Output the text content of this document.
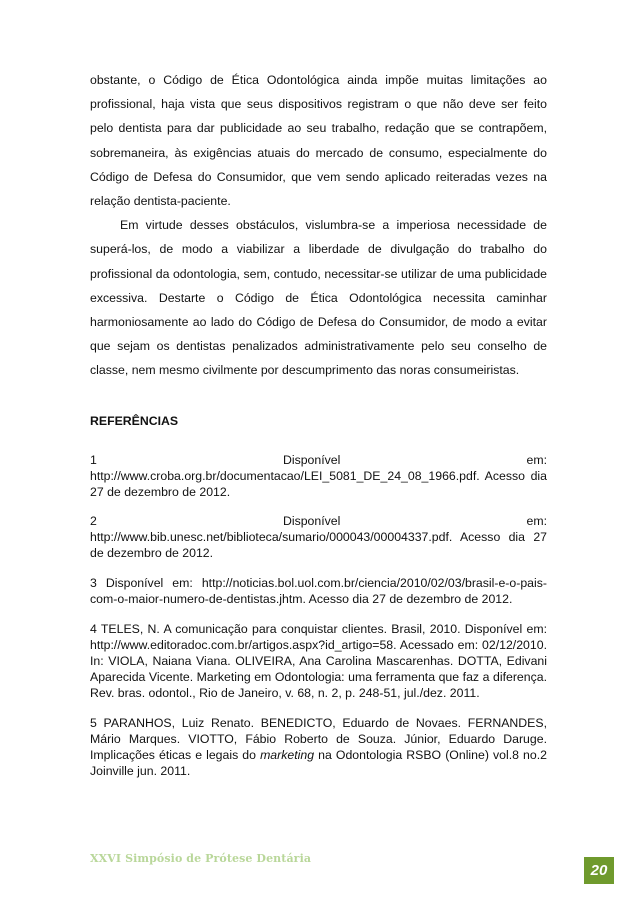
obstante, o Código de Ética Odontológica ainda impõe muitas limitações ao profissional, haja vista que seus dispositivos registram o que não deve ser feito pelo dentista para dar publicidade ao seu trabalho, redação que se contrapõem, sobremaneira, às exigências atuais do mercado de consumo, especialmente do Código de Defesa do Consumidor, que vem sendo aplicado reiteradas vezes na relação dentista-paciente.

Em virtude desses obstáculos, vislumbra-se a imperiosa necessidade de superá-los, de modo a viabilizar a liberdade de divulgação do trabalho do profissional da odontologia, sem, contudo, necessitar-se utilizar de uma publicidade excessiva. Destarte o Código de Ética Odontológica necessita caminhar harmoniosamente ao lado do Código de Defesa do Consumidor, de modo a evitar que sejam os dentistas penalizados administrativamente pelo seu conselho de classe, nem mesmo civilmente por descumprimento das noras consumeiristas.

REFERÊNCIAS

1 Disponível em: http://www.croba.org.br/documentacao/LEI_5081_DE_24_08_1966.pdf. Acesso dia 27 de dezembro de 2012.

2 Disponível em: http://www.bib.unesc.net/biblioteca/sumario/000043/00004337.pdf. Acesso dia 27 de dezembro de 2012.

3 Disponível em: http://noticias.bol.uol.com.br/ciencia/2010/02/03/brasil-e-o-pais-com-o-maior-numero-de-dentistas.jhtm. Acesso dia 27 de dezembro de 2012.

4 TELES, N. A comunicação para conquistar clientes. Brasil, 2010. Disponível em: http://www.editoradoc.com.br/artigos.aspx?id_artigo=58. Acessado em: 02/12/2010. In: VIOLA, Naiana Viana. OLIVEIRA, Ana Carolina Mascarenhas. DOTTA, Edivani Aparecida Vicente. Marketing em Odontologia: uma ferramenta que faz a diferença. Rev. bras. odontol., Rio de Janeiro, v. 68, n. 2, p. 248-51, jul./dez. 2011.

5 PARANHOS, Luiz Renato. BENEDICTO, Eduardo de Novaes. FERNANDES, Mário Marques. VIOTTO, Fábio Roberto de Souza. Júnior, Eduardo Daruge. Implicações éticas e legais do marketing na Odontologia RSBO (Online) vol.8 no.2 Joinville jun. 2011.

XXVI Simpósio de Prótese Dentária
20
